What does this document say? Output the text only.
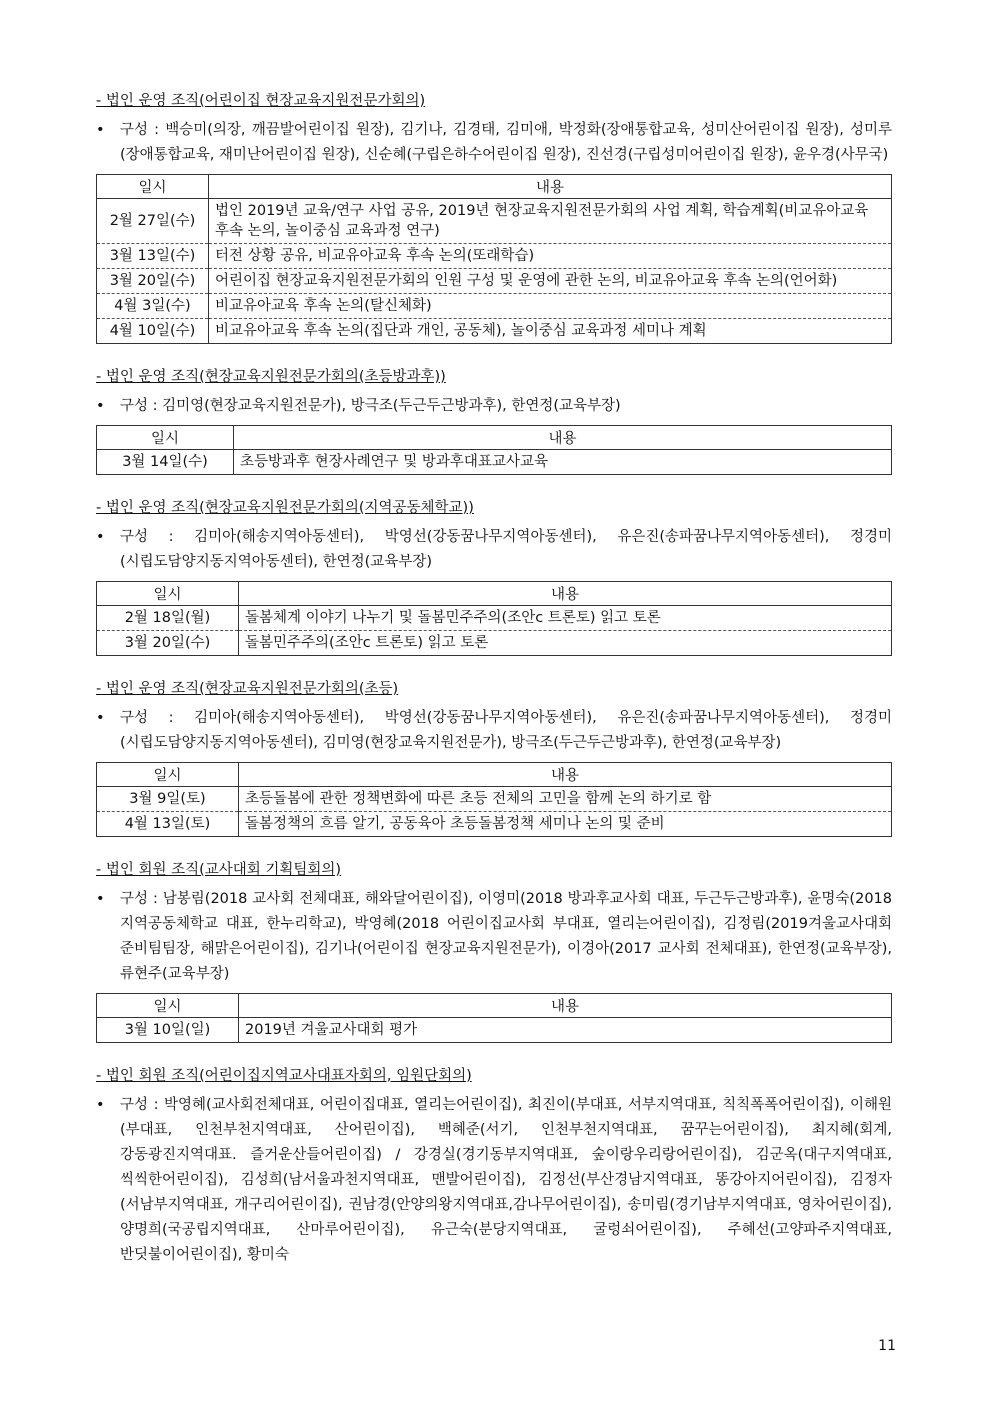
- 법인 운영 조직(어린이집 현장교육지원전문가회의)
• 구성 : 백승미(의장, 깨끔발어린이집 원장), 김기나, 김경태, 김미애, 박정화(장애통합교육, 성미산어린이집 원장), 성미루(장애통합교육, 재미난어린이집 원장), 신순혜(구립은하수어린이집 원장), 진선경(구립성미어린이집 원장), 윤우경(사무국)
일시	내용
2월 27일(수)	법인 2019년 교육/연구 사업 공유, 2019년 현장교육지원전문가회의 사업 계획, 학습계획(비교유아교육 후속 논의, 놀이중심 교육과정 연구)
3월 13일(수)	터전 상황 공유, 비교유아교육 후속 논의(또래학습)
3월 20일(수)	어린이집 현장교육지원전문가회의 인원 구성 및 운영에 관한 논의, 비교유아교육 후속 논의(언어화)
4월 3일(수)	비교유아교육 후속 논의(탈신체화)
4월 10일(수)	비교유아교육 후속 논의(집단과 개인, 공동체), 놀이중심 교육과정 세미나 계획
- 법인 운영 조직(현장교육지원전문가회의(초등방과후))
• 구성 : 김미영(현장교육지원전문가), 방극조(두근두근방과후), 한연정(교육부장)
일시	내용
3월 14일(수)	초등방과후 현장사례연구 및 방과후대표교사교육
- 법인 운영 조직(현장교육지원전문가회의(지역공동체학교))
• 구성 : 김미아(해송지역아동센터), 박영선(강동꿈나무지역아동센터), 유은진(송파꿈나무지역아동센터), 정경미(시립도담양지동지역아동센터), 한연정(교육부장)
일시	내용
2월 18일(월)	돌봄체계 이야기 나누기 및 돌봄민주주의(조안c 트론토) 읽고 토론
3월 20일(수)	돌봄민주주의(조안c 트론토) 읽고 토론
- 법인 운영 조직(현장교육지원전문가회의(초등)
• 구성 : 김미아(해송지역아동센터), 박영선(강동꿈나무지역아동센터), 유은진(송파꿈나무지역아동센터), 정경미(시립도담양지동지역아동센터), 김미영(현장교육지원전문가), 방극조(두근두근방과후), 한연정(교육부장)
일시	내용
3월 9일(토)	초등돌봄에 관한 정책변화에 따른 초등 전체의 고민을 함께 논의 하기로 함
4월 13일(토)	돌봄정책의 흐름 알기, 공동육아 초등돌봄정책 세미나 논의 및 준비
- 법인 회원 조직(교사대회 기획팀회의)
• 구성 : 남봉림(2018 교사회 전체대표, 해와달어린이집), 이영미(2018 방과후교사회 대표, 두근두근방과후), 윤명숙(2018 지역공동체학교 대표, 한누리학교), 박영혜(2018 어린이집교사회 부대표, 열리는어린이집), 김정림(2019겨울교사대회 준비팀팀장, 해맑은어린이집), 김기나(어린이집 현장교육지원전문가), 이경아(2017 교사회 전체대표), 한연정(교육부장), 류현주(교육부장)
일시	내용
3월 10일(일)	2019년 겨울교사대회 평가
- 법인 회원 조직(어린이집지역교사대표자회의, 임원단회의)
• 구성 : 박영혜(교사회전체대표, 어린이집대표, 열리는어린이집), 최진이(부대표, 서부지역대표, 칙칙폭폭어린이집), 이해원(부대표, 인천부천지역대표, 산어린이집), 백혜준(서기, 인천부천지역대표, 꿈꾸는어린이집), 최지혜(회계, 강동광진지역대표. 즐거운산들어린이집) / 강경실(경기동부지역대표, 숲이랑우리랑어린이집), 김군옥(대구지역대표, 씩씩한어린이집), 김성희(남서울과천지역대표, 맨발어린이집), 김정선(부산경남지역대표, 똥강아지어린이집), 김정자(서남부지역대표, 개구리어린이집), 권남경(안양의왕지역대표,감나무어린이집), 송미림(경기남부지역대표, 영차어린이집), 양명희(국공립지역대표, 산마루어린이집), 유근숙(분당지역대표, 굴렁쇠어린이집), 주혜선(고양파주지역대표, 반딧불이어린이집), 황미숙
11
